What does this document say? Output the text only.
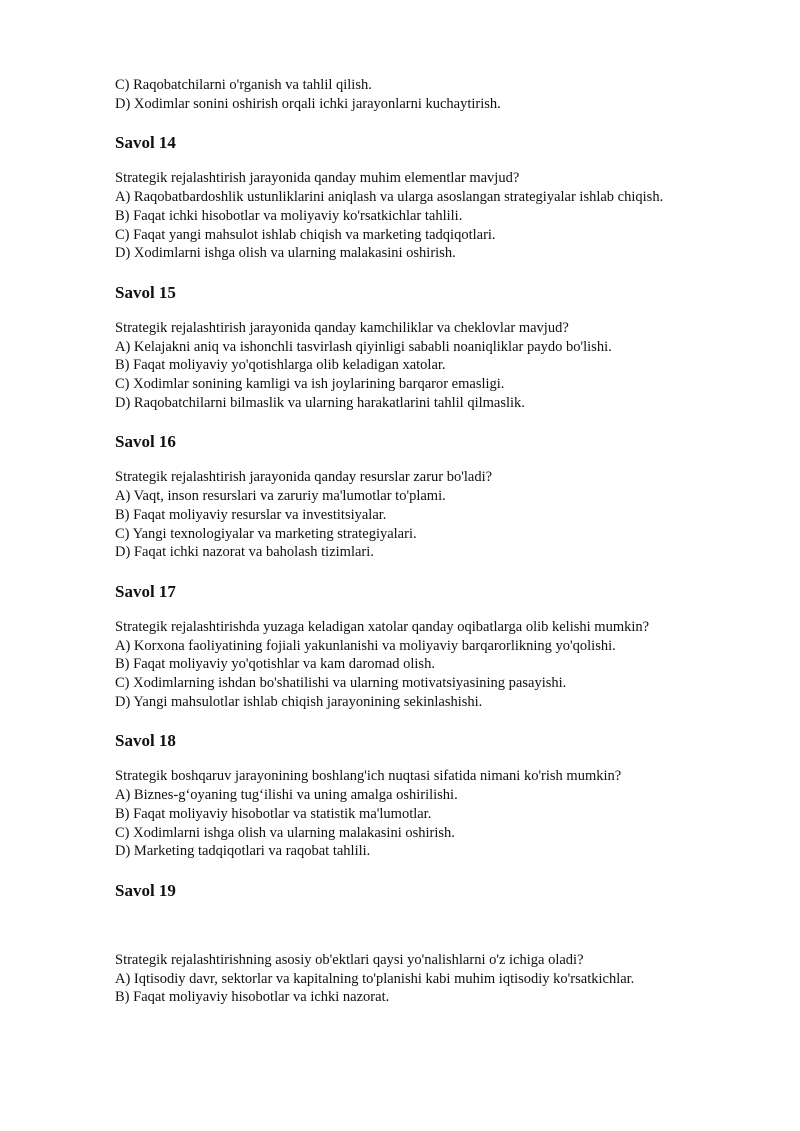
C) Raqobatchilarni o'rganish va tahlil qilish.
D) Xodimlar sonini oshirish orqali ichki jarayonlarni kuchaytirish.
Savol 14
Strategik rejalashtirish jarayonida qanday muhim elementlar mavjud?
A) Raqobatbardoshlik ustunliklarini aniqlash va ularga asoslangan strategiyalar ishlab chiqish.
B) Faqat ichki hisobotlar va moliyaviy ko'rsatkichlar tahlili.
C) Faqat yangi mahsulot ishlab chiqish va marketing tadqiqotlari.
D) Xodimlarni ishga olish va ularning malakasini oshirish.
Savol 15
Strategik rejalashtirish jarayonida qanday kamchiliklar va cheklovlar mavjud?
A) Kelajakni aniq va ishonchli tasvirlash qiyinligi sababli noaniqliklar paydo bo'lishi.
B) Faqat moliyaviy yo'qotishlarga olib keladigan xatolar.
C) Xodimlar sonining kamligi va ish joylarining barqaror emasligi.
D) Raqobatchilarni bilmaslik va ularning harakatlarini tahlil qilmaslik.
Savol 16
Strategik rejalashtirish jarayonida qanday resurslar zarur bo'ladi?
A) Vaqt, inson resurslari va zaruriy ma'lumotlar to'plami.
B) Faqat moliyaviy resurslar va investitsiyalar.
C) Yangi texnologiyalar va marketing strategiyalari.
D) Faqat ichki nazorat va baholash tizimlari.
Savol 17
Strategik rejalashtirishda yuzaga keladigan xatolar qanday oqibatlarga olib kelishi mumkin?
A) Korxona faoliyatining fojiali yakunlanishi va moliyaviy barqarorlikning yo'qolishi.
B) Faqat moliyaviy yo'qotishlar va kam daromad olish.
C) Xodimlarning ishdan bo'shatilishi va ularning motivatsiyasining pasayishi.
D) Yangi mahsulotlar ishlab chiqish jarayonining sekinlashishi.
Savol 18
Strategik boshqaruv jarayonining boshlang'ich nuqtasi sifatida nimani ko'rish mumkin?
A) Biznes-g‘oyaning tug‘ilishi va uning amalga oshirilishi.
B) Faqat moliyaviy hisobotlar va statistik ma'lumotlar.
C) Xodimlarni ishga olish va ularning malakasini oshirish.
D) Marketing tadqiqotlari va raqobat tahlili.
Savol 19
Strategik rejalashtirishning asosiy ob'ektlari qaysi yo'nalishlarni o'z ichiga oladi?
A) Iqtisodiy davr, sektorlar va kapitalning to'planishi kabi muhim iqtisodiy ko'rsatkichlar.
B) Faqat moliyaviy hisobotlar va ichki nazorat.
